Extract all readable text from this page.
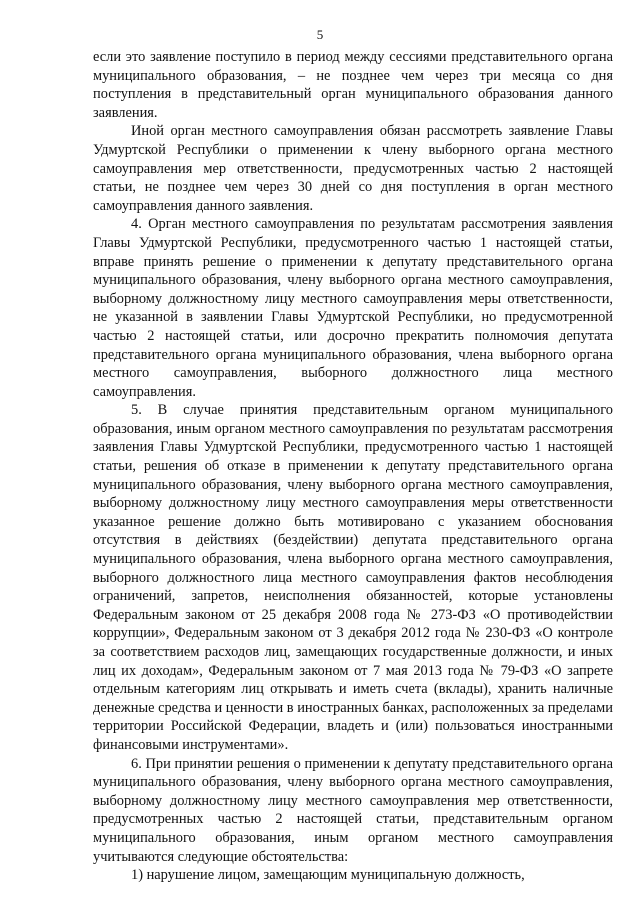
5

если это заявление поступило в период между сессиями представительного органа муниципального образования, – не позднее чем через три месяца со дня поступления в представительный орган муниципального образования данного заявления.

Иной орган местного самоуправления обязан рассмотреть заявление Главы Удмуртской Республики о применении к члену выборного органа местного самоуправления мер ответственности, предусмотренных частью 2 настоящей статьи, не позднее чем через 30 дней со дня поступления в орган местного самоуправления данного заявления.

4. Орган местного самоуправления по результатам рассмотрения заявления Главы Удмуртской Республики, предусмотренного частью 1 настоящей статьи, вправе принять решение о применении к депутату представительного органа муниципального образования, члену выборного органа местного самоуправления, выборному должностному лицу местного самоуправления меры ответственности, не указанной в заявлении Главы Удмуртской Республики, но предусмотренной частью 2 настоящей статьи, или досрочно прекратить полномочия депутата представительного органа муниципального образования, члена выборного органа местного самоуправления, выборного должностного лица местного самоуправления.

5. В случае принятия представительным органом муниципального образования, иным органом местного самоуправления по результатам рассмотрения заявления Главы Удмуртской Республики, предусмотренного частью 1 настоящей статьи, решения об отказе в применении к депутату представительного органа муниципального образования, члену выборного органа местного самоуправления, выборному должностному лицу местного самоуправления меры ответственности указанное решение должно быть мотивировано с указанием обоснования отсутствия в действиях (бездействии) депутата представительного органа муниципального образования, члена выборного органа местного самоуправления, выборного должностного лица местного самоуправления фактов несоблюдения ограничений, запретов, неисполнения обязанностей, которые установлены Федеральным законом от 25 декабря 2008 года № 273-ФЗ «О противодействии коррупции», Федеральным законом от 3 декабря 2012 года № 230-ФЗ «О контроле за соответствием расходов лиц, замещающих государственные должности, и иных лиц их доходам», Федеральным законом от 7 мая 2013 года № 79-ФЗ «О запрете отдельным категориям лиц открывать и иметь счета (вклады), хранить наличные денежные средства и ценности в иностранных банках, расположенных за пределами территории Российской Федерации, владеть и (или) пользоваться иностранными финансовыми инструментами».

6. При принятии решения о применении к депутату представительного органа муниципального образования, члену выборного органа местного самоуправления, выборному должностному лицу местного самоуправления мер ответственности, предусмотренных частью 2 настоящей статьи, представительным органом муниципального образования, иным органом местного самоуправления учитываются следующие обстоятельства:

1) нарушение лицом, замещающим муниципальную должность,
